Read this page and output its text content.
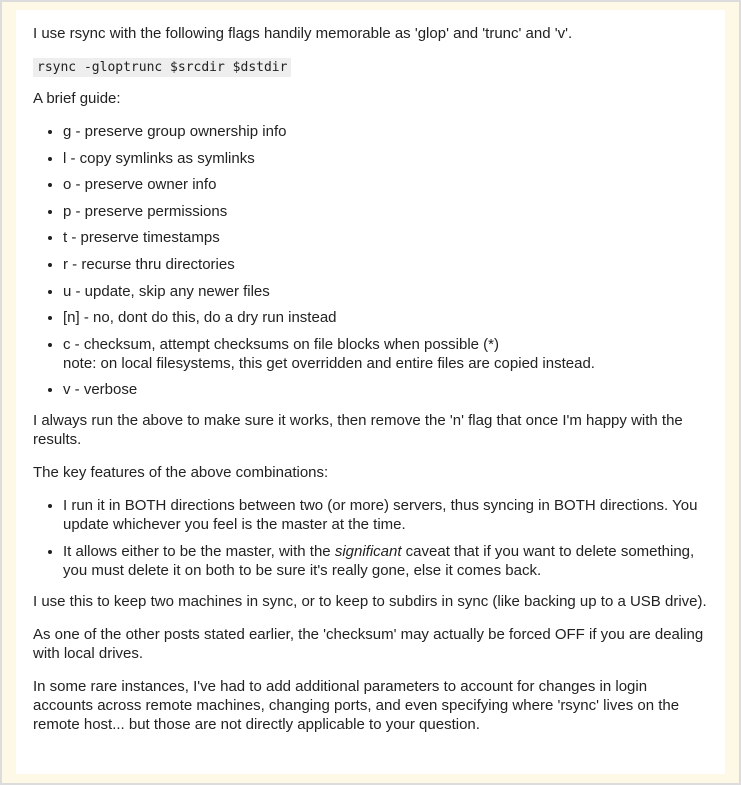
I use rsync with the following flags handily memorable as 'glop' and 'trunc' and 'v'.

rsync -gloptrunc $srcdir $dstdir

A brief guide:

• g - preserve group ownership info
• l - copy symlinks as symlinks
• o - preserve owner info
• p - preserve permissions
• t - preserve timestamps
• r - recurse thru directories
• u - update, skip any newer files
• [n] - no, dont do this, do a dry run instead
• c - checksum, attempt checksums on file blocks when possible (*)
note: on local filesystems, this get overridden and entire files are copied instead.
• v - verbose

I always run the above to make sure it works, then remove the 'n' flag that once I'm happy with the results.

The key features of the above combinations:

• I run it in BOTH directions between two (or more) servers, thus syncing in BOTH directions. You update whichever you feel is the master at the time.
• It allows either to be the master, with the significant caveat that if you want to delete something, you must delete it on both to be sure it's really gone, else it comes back.

I use this to keep two machines in sync, or to keep to subdirs in sync (like backing up to a USB drive).

As one of the other posts stated earlier, the 'checksum' may actually be forced OFF if you are dealing with local drives.

In some rare instances, I've had to add additional parameters to account for changes in login accounts across remote machines, changing ports, and even specifying where 'rsync' lives on the remote host... but those are not directly applicable to your question.
